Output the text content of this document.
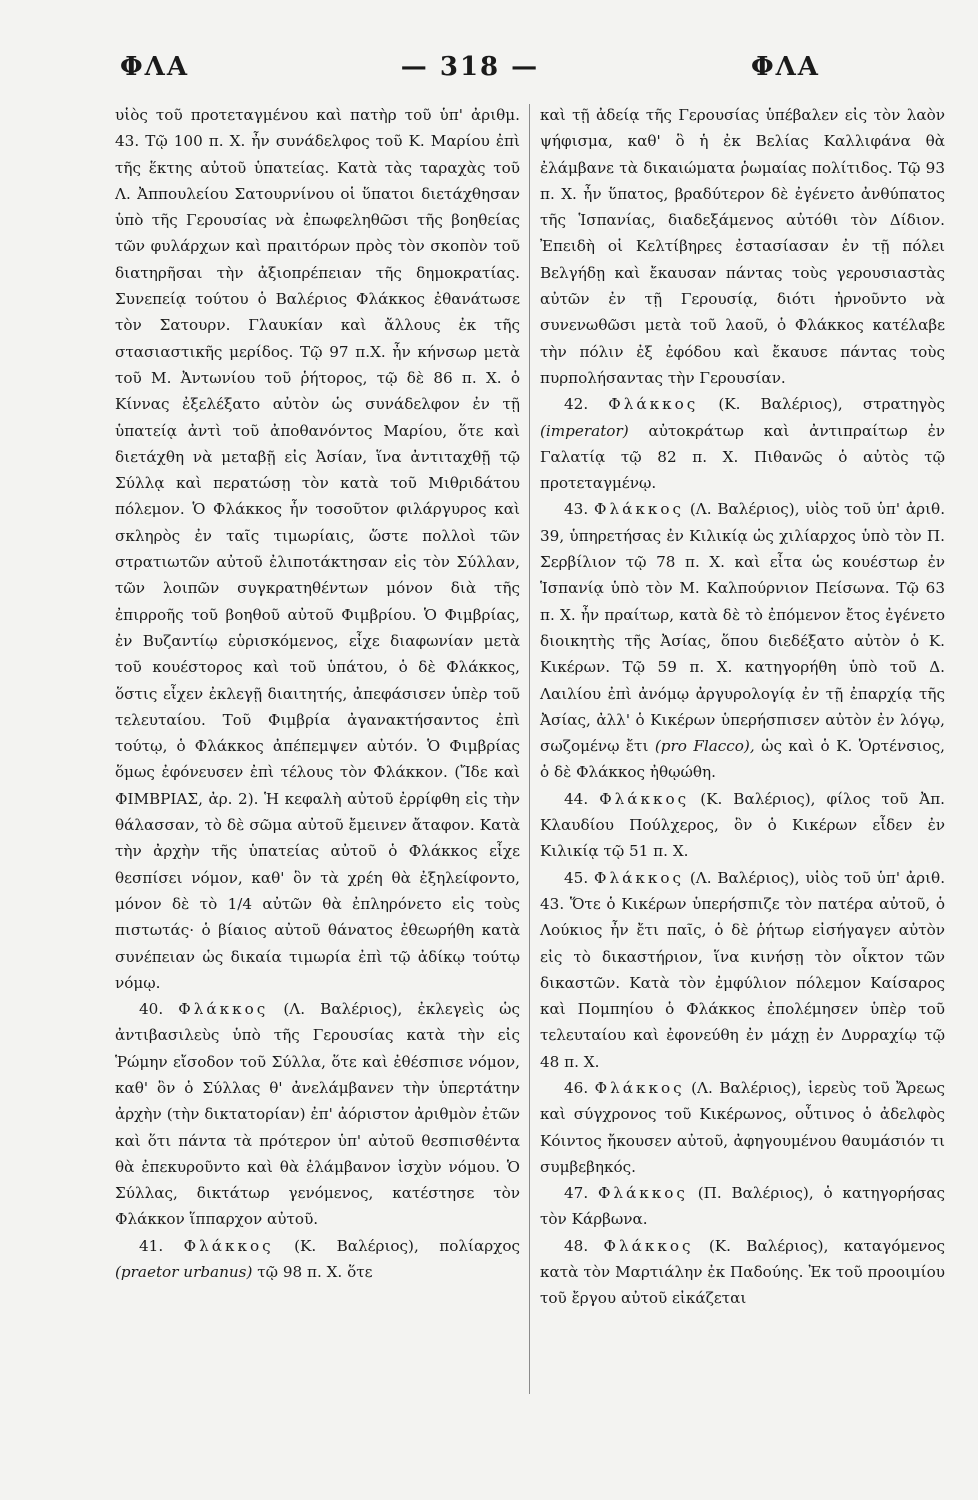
ΦΛΑ	— 318 —	ΦΛΑ

υἱὸς τοῦ προτεταγμένου καὶ πατὴρ τοῦ ὑπ' ἀριθμ. 43. Τῷ 100 π. Χ. ἦν συνάδελφος τοῦ Κ. Μαρίου ἐπὶ τῆς ἕκτης αὐτοῦ ὑπατείας. Κατὰ τὰς ταραχὰς τοῦ Λ. Ἀππουλείου Σατουρνίνου οἱ ὕπατοι διετάχθησαν ὑπὸ τῆς Γερουσίας νὰ ἐπωφεληθῶσι τῆς βοηθείας τῶν φυλάρχων καὶ πραιτόρων πρὸς τὸν σκοπὸν τοῦ διατηρῆσαι τὴν ἀξιοπρέπειαν τῆς δημοκρατίας. Συνεπείᾳ τούτου ὁ Βαλέριος Φλάκκος ἐθανάτωσε τὸν Σατουρν. Γλαυκίαν καὶ ἄλλους ἐκ τῆς στασιαστικῆς μερίδος. Τῷ 97 π.Χ. ἦν κήνσωρ μετὰ τοῦ Μ. Ἀντωνίου τοῦ ῥήτορος, τῷ δὲ 86 π. Χ. ὁ Κίννας ἐξελέξατο αὐτὸν ὡς συνάδελφον ἐν τῇ ὑπατείᾳ ἀντὶ τοῦ ἀποθανόντος Μαρίου, ὅτε καὶ διετάχθη νὰ μεταβῇ εἰς Ἀσίαν, ἵνα ἀντιταχθῇ τῷ Σύλλᾳ καὶ περατώσῃ τὸν κατὰ τοῦ Μιθριδάτου πόλεμον. Ὁ Φλάκκος ἦν τοσοῦτον φιλάργυρος καὶ σκληρὸς ἐν ταῖς τιμωρίαις, ὥστε πολλοὶ τῶν στρατιωτῶν αὐτοῦ ἐλιποτάκτησαν εἰς τὸν Σύλλαν, τῶν λοιπῶν συγκρατηθέντων μόνον διὰ τῆς ἐπιρροῆς τοῦ βοηθοῦ αὐτοῦ Φιμβρίου. Ὁ Φιμβρίας, ἐν Βυζαντίῳ εὑρισκόμενος, εἶχε διαφωνίαν μετὰ τοῦ κουέστορος καὶ τοῦ ὑπάτου, ὁ δὲ Φλάκκος, ὅστις εἶχεν ἐκλεγῇ διαιτητής, ἀπεφάσισεν ὑπὲρ τοῦ τελευταίου. Τοῦ Φιμβρία ἀγανακτήσαντος ἐπὶ τούτῳ, ὁ Φλάκκος ἀπέπεμψεν αὐτόν. Ὁ Φιμβρίας ὅμως ἐφόνευσεν ἐπὶ τέλους τὸν Φλάκκον. (Ἴδε καὶ ΦΙΜΒΡΙΑΣ, ἀρ. 2). Ἡ κεφαλὴ αὐτοῦ ἐρρίφθη εἰς τὴν θάλασσαν, τὸ δὲ σῶμα αὐτοῦ ἔμεινεν ἄταφον. Κατὰ τὴν ἀρχὴν τῆς ὑπατείας αὐτοῦ ὁ Φλάκκος εἶχε θεσπίσει νόμον, καθ' ὃν τὰ χρέη θὰ ἐξηλείφοντο, μόνον δὲ τὸ 1/4 αὐτῶν θὰ ἐπληρόνετο εἰς τοὺς πιστωτάς· ὁ βίαιος αὐτοῦ θάνατος ἐθεωρήθη κατὰ συνέπειαν ὡς δικαία τιμωρία ἐπὶ τῷ ἀδίκῳ τούτῳ νόμῳ.

40. Φλάκκος (Λ. Βαλέριος), ἐκλεγεὶς ὡς ἀντιβασιλεὺς ὑπὸ τῆς Γερουσίας κατὰ τὴν εἰς Ῥώμην εἴσοδον τοῦ Σύλλα, ὅτε καὶ ἐθέσπισε νόμον, καθ' ὃν ὁ Σύλλας θ' ἀνελάμβανεν τὴν ὑπερτάτην ἀρχὴν (τὴν δικτατορίαν) ἐπ' ἀόριστον ἀριθμὸν ἐτῶν καὶ ὅτι πάντα τὰ πρότερον ὑπ' αὐτοῦ θεσπισθέντα θὰ ἐπεκυροῦντο καὶ θὰ ἐλάμβανον ἰσχὺν νόμου. Ὁ Σύλλας, δικτάτωρ γενόμενος, κατέστησε τὸν Φλάκκον ἵππαρχον αὐτοῦ.

41. Φλάκκος (Κ. Βαλέριος), πολίαρχος (praetor urbanus) τῷ 98 π. Χ. ὅτε

καὶ τῇ ἀδείᾳ τῆς Γερουσίας ὑπέβαλεν εἰς τὸν λαὸν ψήφισμα, καθ' ὃ ἡ ἐκ Βελίας Καλλιφάνα θὰ ἐλάμβανε τὰ δικαιώματα ῥωμαίας πολίτιδος. Τῷ 93 π. Χ. ἦν ὕπατος, βραδύτερον δὲ ἐγένετο ἀνθύπατος τῆς Ἱσπανίας, διαδεξάμενος αὐτόθι τὸν Δίδιον. Ἐπειδὴ οἱ Κελτίβηρες ἐστασίασαν ἐν τῇ πόλει Βελγήδῃ καὶ ἔκαυσαν πάντας τοὺς γερουσιαστὰς αὐτῶν ἐν τῇ Γερουσίᾳ, διότι ἠρνοῦντο νὰ συνενωθῶσι μετὰ τοῦ λαοῦ, ὁ Φλάκκος κατέλαβε τὴν πόλιν ἐξ ἐφόδου καὶ ἔκαυσε πάντας τοὺς πυρπολήσαντας τὴν Γερουσίαν.

42. Φλάκκος (Κ. Βαλέριος), στρατηγὸς (imperator) αὐτοκράτωρ καὶ ἀντιπραίτωρ ἐν Γαλατίᾳ τῷ 82 π. Χ. Πιθανῶς ὁ αὐτὸς τῷ προτεταγμένῳ.

43. Φλάκκος (Λ. Βαλέριος), υἱὸς τοῦ ὑπ' ἀριθ. 39, ὑπηρετήσας ἐν Κιλικίᾳ ὡς χιλίαρχος ὑπὸ τὸν Π. Σερβίλιον τῷ 78 π. Χ. καὶ εἶτα ὡς κουέστωρ ἐν Ἱσπανίᾳ ὑπὸ τὸν Μ. Καλπούρνιον Πείσωνα. Τῷ 63 π. Χ. ἦν πραίτωρ, κατὰ δὲ τὸ ἐπόμενον ἔτος ἐγένετο διοικητὴς τῆς Ἀσίας, ὅπου διεδέξατο αὐτὸν ὁ Κ. Κικέρων. Τῷ 59 π. Χ. κατηγορήθη ὑπὸ τοῦ Δ. Λαιλίου ἐπὶ ἀνόμῳ ἀργυρολογίᾳ ἐν τῇ ἐπαρχίᾳ τῆς Ἀσίας, ἀλλ' ὁ Κικέρων ὑπερήσπισεν αὐτὸν ἐν λόγῳ, σωζομένῳ ἔτι (pro Flacco), ὡς καὶ ὁ Κ. Ὁρτένσιος, ὁ δὲ Φλάκκος ἠθῳώθη.

44. Φλάκκος (Κ. Βαλέριος), φίλος τοῦ Ἀπ. Κλαυδίου Πούλχερος, ὃν ὁ Κικέρων εἶδεν ἐν Κιλικίᾳ τῷ 51 π. Χ.

45. Φλάκκος (Λ. Βαλέριος), υἱὸς τοῦ ὑπ' ἀριθ. 43. Ὅτε ὁ Κικέρων ὑπερήσπιζε τὸν πατέρα αὐτοῦ, ὁ Λούκιος ἦν ἔτι παῖς, ὁ δὲ ῥήτωρ εἰσήγαγεν αὐτὸν εἰς τὸ δικαστήριον, ἵνα κινήσῃ τὸν οἶκτον τῶν δικαστῶν. Κατὰ τὸν ἐμφύλιον πόλεμον Καίσαρος καὶ Πομπηίου ὁ Φλάκκος ἐπολέμησεν ὑπὲρ τοῦ τελευταίου καὶ ἐφονεύθη ἐν μάχῃ ἐν Δυρραχίῳ τῷ 48 π. Χ.

46. Φλάκκος (Λ. Βαλέριος), ἱερεὺς τοῦ Ἄρεως καὶ σύγχρονος τοῦ Κικέρωνος, οὗτινος ὁ ἀδελφὸς Κόιντος ἤκουσεν αὐτοῦ, ἀφηγουμένου θαυμάσιόν τι συμβεβηκός.

47. Φλάκκος (Π. Βαλέριος), ὁ κατηγορήσας τὸν Κάρβωνα.

48. Φλάκκος (Κ. Βαλέριος), καταγόμενος κατὰ τὸν Μαρτιάλην ἐκ Παδούης. Ἐκ τοῦ προοιμίου τοῦ ἔργου αὐτοῦ εἰκάζεται
